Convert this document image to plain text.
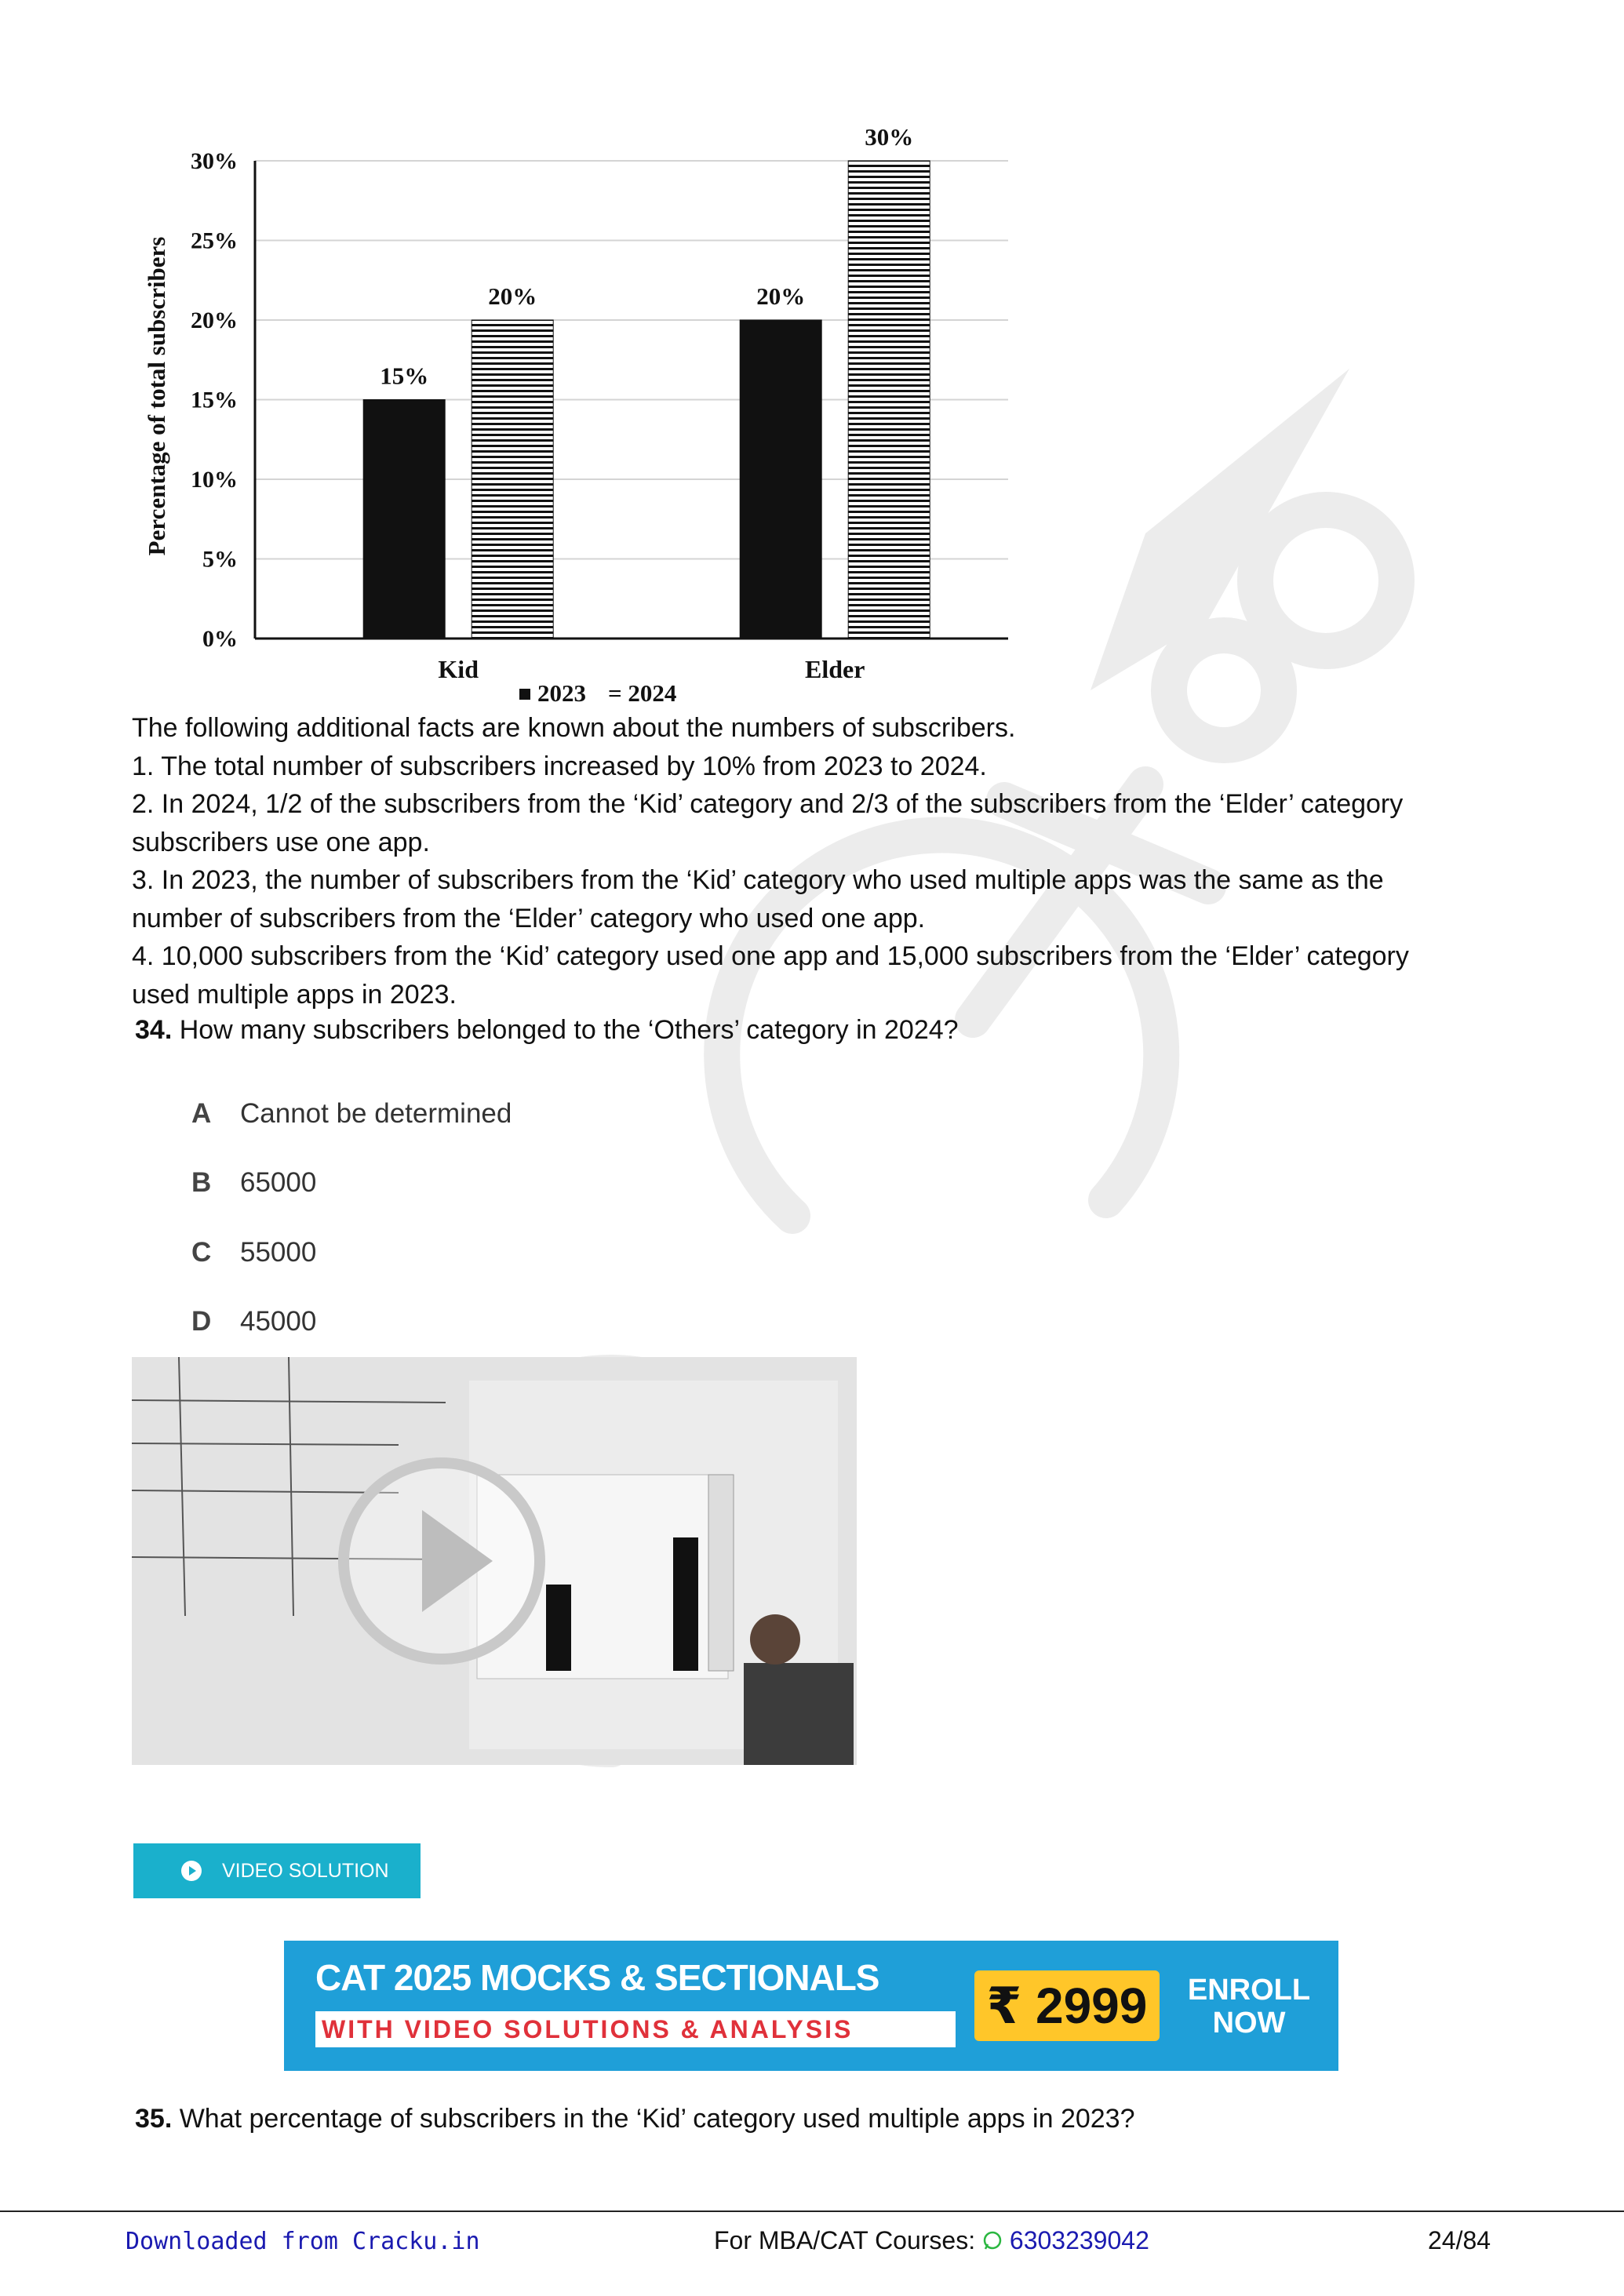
0%
5%
10%
15%
20%
25%
30%
15%
20%
Kid
20%
30%
Elder
2023 = 2024
Percentage of total subscribers

The following additional facts are known about the numbers of subscribers.

1. The total number of subscribers increased by 10% from 2023 to 2024.

2. In 2024, 1/2 of the subscribers from the ‘Kid’ category and 2/3 of the subscribers from the ‘Elder’ category subscribers use one app.

3. In 2023, the number of subscribers from the ‘Kid’ category who used multiple apps was the same as the number of subscribers from the ‘Elder’ category who used one app.

4. 10,000 subscribers from the ‘Kid’ category used one app and 15,000 subscribers from the ‘Elder’ category used multiple apps in 2023.

34. How many subscribers belonged to the ‘Others’ category in 2024?
A Cannot be determined
B 65000
C 55000
D 45000
VIDEO SOLUTION
CAT 2025 MOCKS & SECTIONALS
WITH VIDEO SOLUTIONS & ANALYSIS	₹ 2999	ENROLL
NOW
35. What percentage of subscribers in the ‘Kid’ category used multiple apps in 2023?
Downloaded from Cracku.in	For MBA/CAT Courses:  6303239042	24/84
